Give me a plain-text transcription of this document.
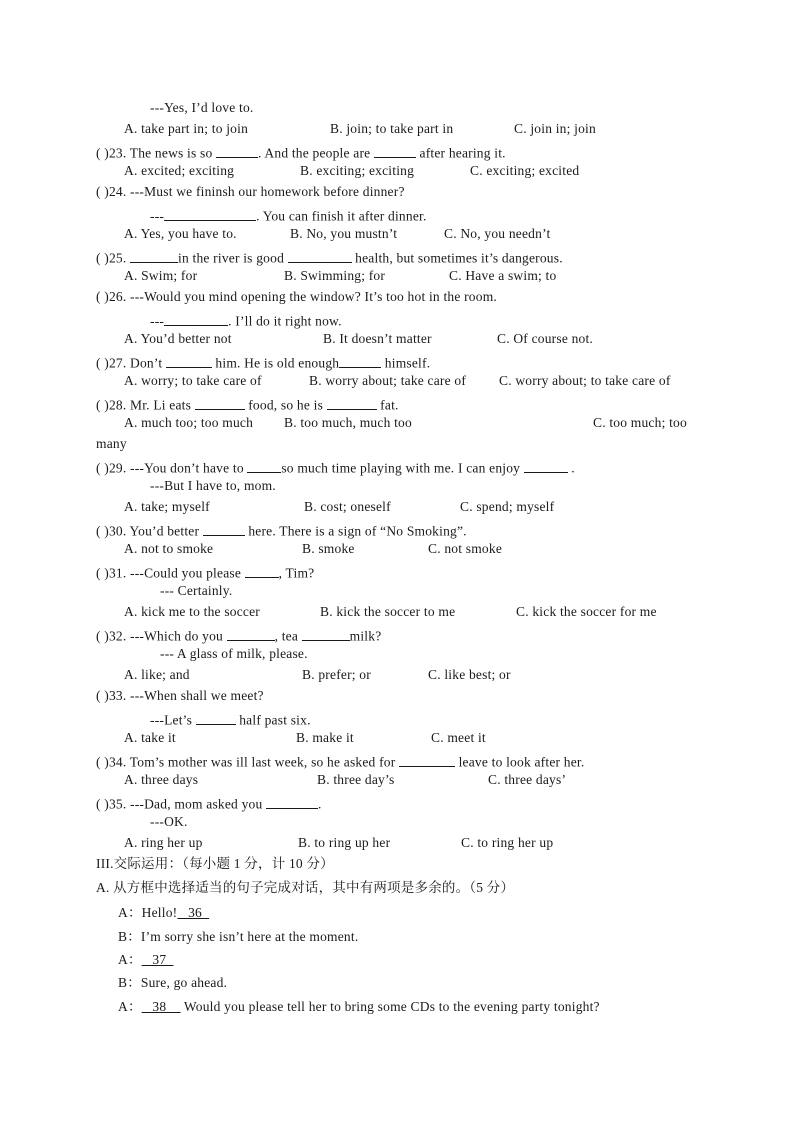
---Yes, I’d love to.
A. take part in; to join	B. join; to take part in	C. join in; join
( )23. The news is so	. And the people are	after hearing it.
A. excited; exciting	B. exciting; exciting	C. exciting; excited
( )24. ---Must we fininsh our homework before dinner?
---	. You can finish it after dinner.
A. Yes, you have to.	B. No, you mustn’t	C. No, you needn’t
( )25.	in the river is good	health, but sometimes it’s dangerous.
A. Swim; for	B. Swimming; for	C. Have a swim; to
( )26. ---Would you mind opening the window? It’s too hot in the room.
---	. I’ll do it right now.
A. You’d better not	B. It doesn’t matter	C. Of course not.
( )27. Don’t	him. He is old enough	himself.
A. worry; to take care of	B. worry about; take care of C. worry about; to take care of
( )28. Mr. Li eats	food, so he is	fat.
A. much too; too much B. too much, much too	C. too much; too
many
( )29. ---You don’t have to	so much time playing with me. I can enjoy	.
---But I have to, mom.
A. take; myself	B. cost; oneself	C. spend; myself
( )30. You’d better	here. There is a sign of “No Smoking”.
A. not to smoke	B. smoke	C. not smoke
( )31. ---Could you please	, Tim?
--- Certainly.
A. kick me to the soccer	B. kick the soccer to me	C. kick the soccer for me
( )32. ---Which do you	, tea	milk?
--- A glass of milk, please.
A. like; and	B. prefer; or	C. like best; or
( )33. ---When shall we meet?
---Let’s	half past six.
A. take it	B. make it	C. meet it
( )34. Tom’s mother was ill last week, so he asked for	leave to look after her.
A. three days	B. three day’s	C. three days’
( )35. ---Dad, mom asked you	.
---OK.
A. ring her up	B. to ring up her	C. to ring her up
III.交际运用：（每小题 1 分，计 10 分）
A. 从方框中选择适当的句子完成对话，其中有两项是多余的。（5 分）
A：Hello!   36
B：I’m sorry she isn’t here at the moment.
A：   37
B：Sure, go ahead.
A：   38     Would you please tell her to bring some CDs to the evening party tonight?
